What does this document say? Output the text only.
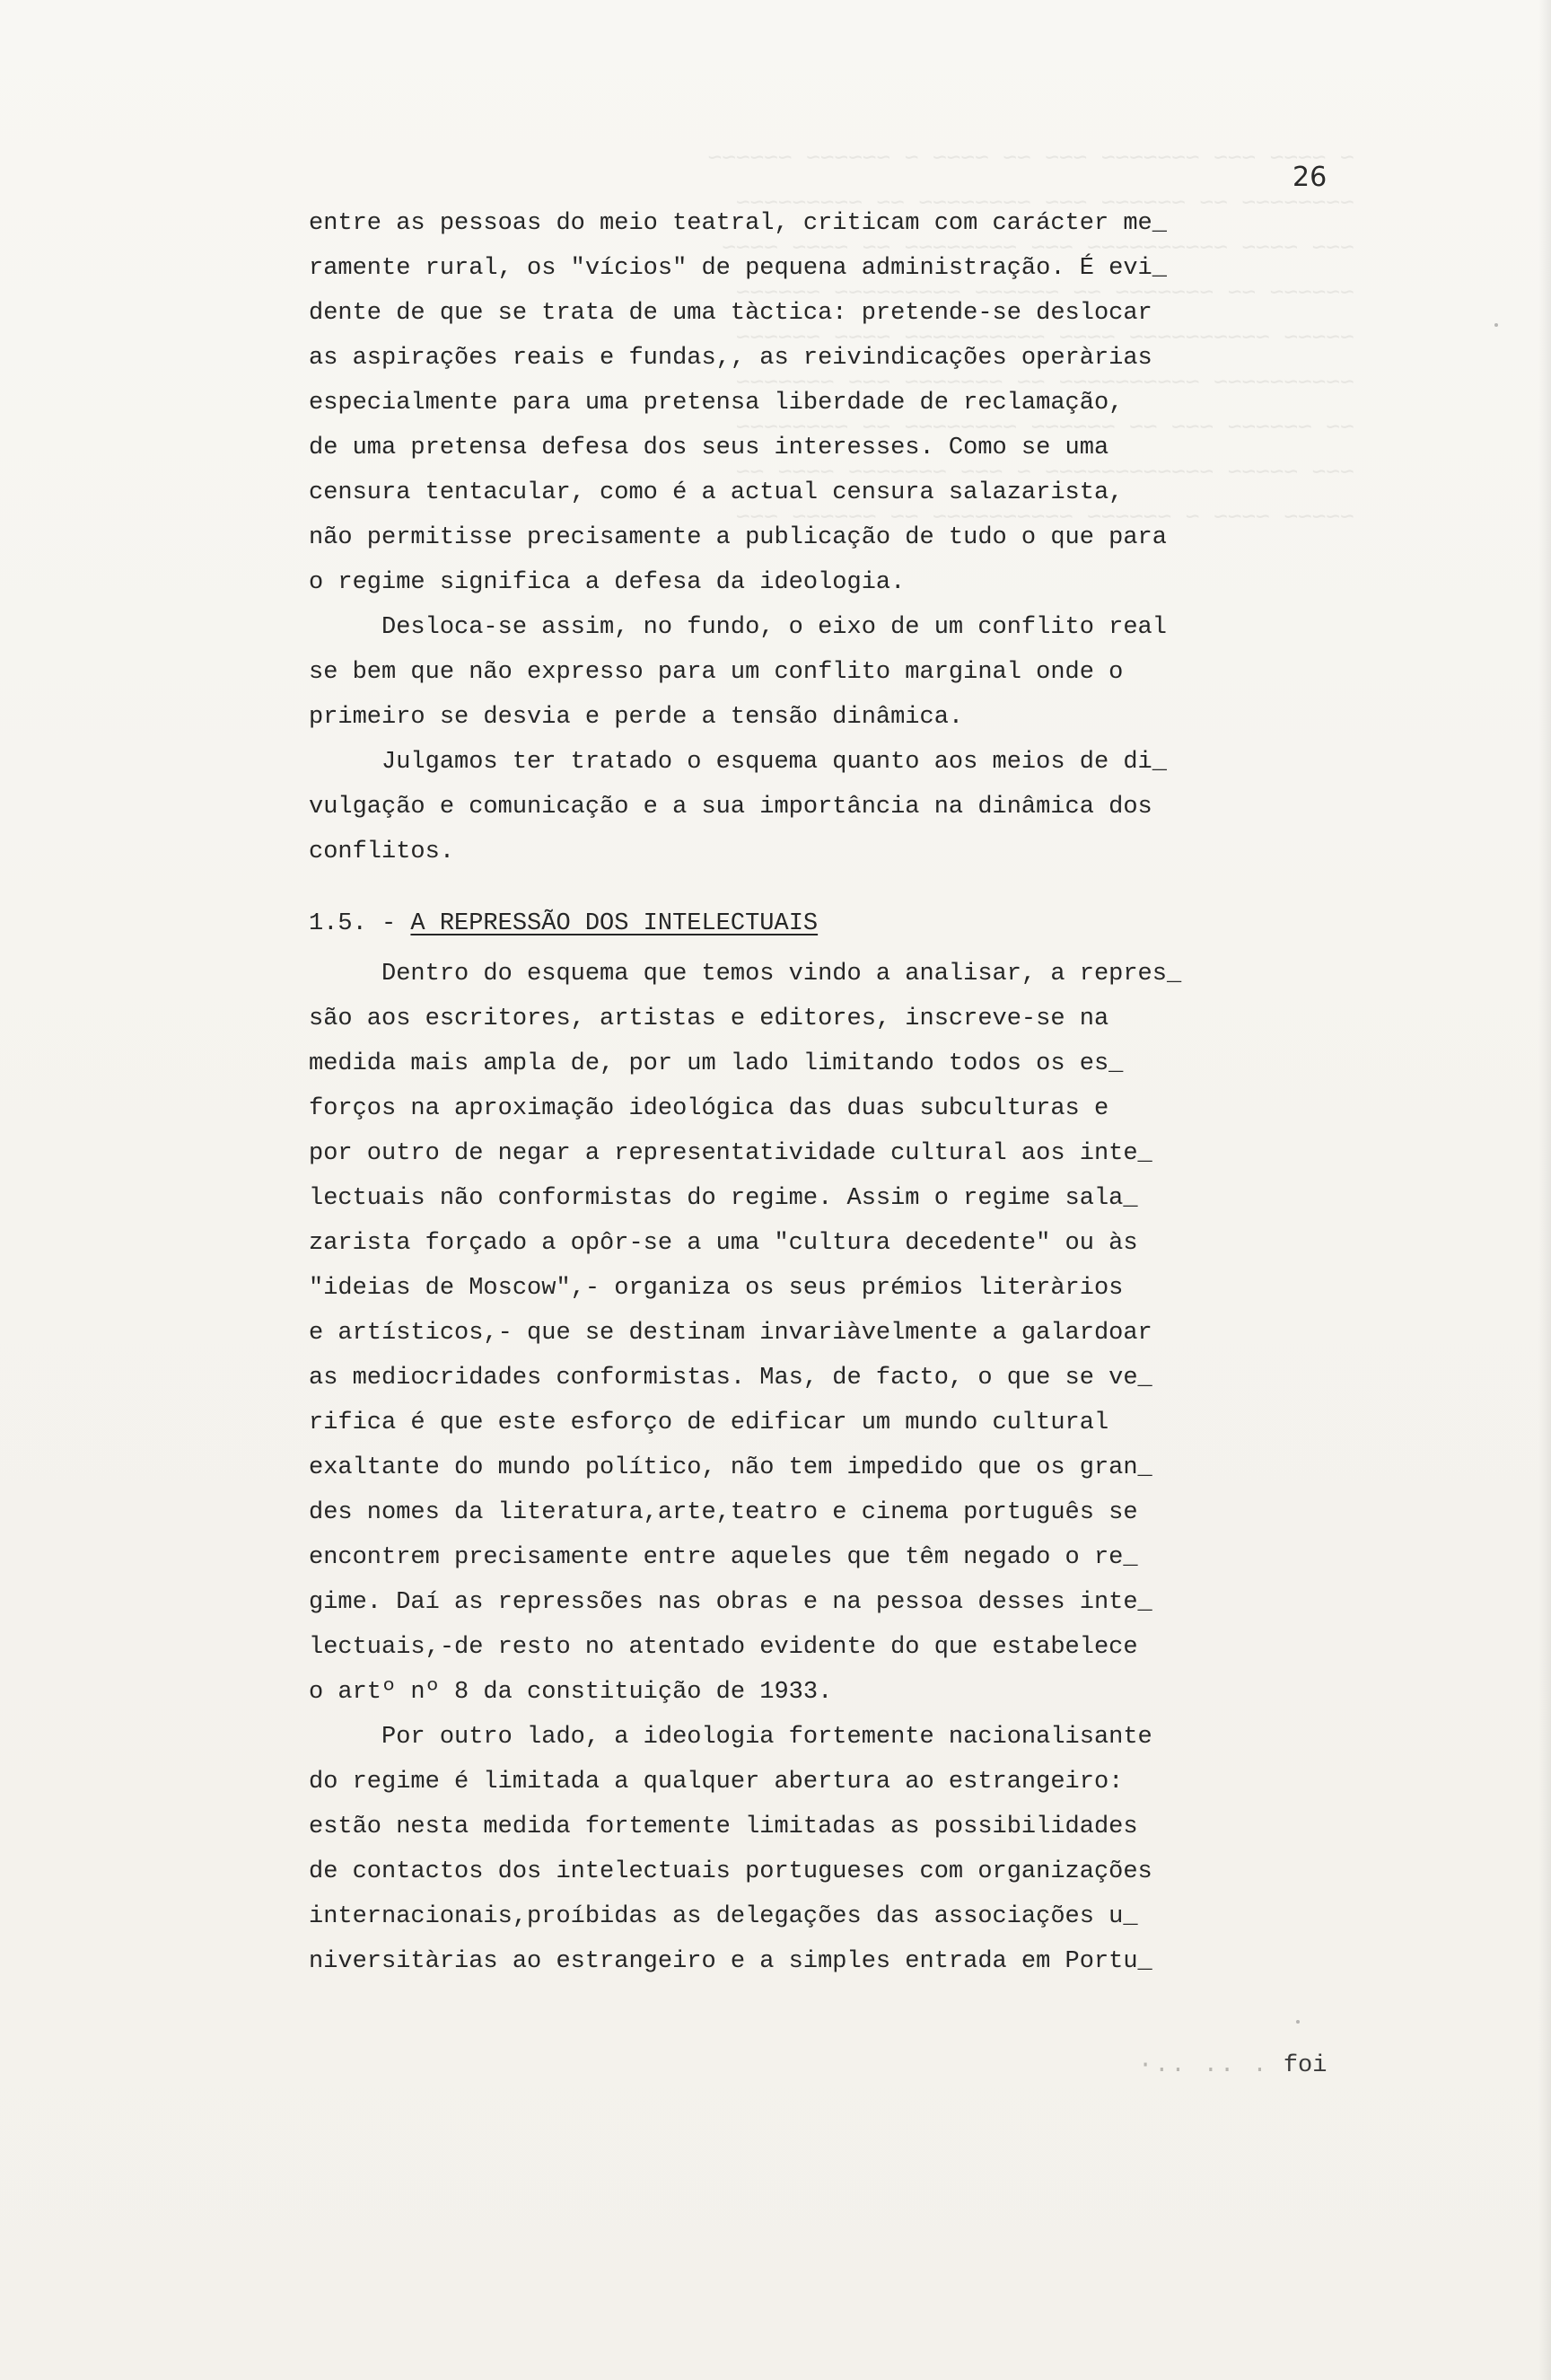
~ ~~~~ ~~~ ~~~~~~~ ~~~ ~~ ~~~~ ~ ~~~~~~ ~~~~~~
~~~~~~~~ ~~ ~~~~~~ ~~~ ~~~~~~~~ ~~ ~~~~~~~~~
~~~ ~~~~ ~~~~~~~~~~ ~~~ ~~~~~~~~ ~~ ~~~~ ~~~~
~~~~~~ ~~ ~~~~~~~ ~~ ~~~~~~ ~~~~~~~~~ ~~~~~~
~~~~~ ~~~~~~~~~~ ~~~~ ~~~~~~~~~~ ~~~~ ~~~~~~
~~~~~~~~~~ ~~~~~~~~~~ ~~ ~~~~~~~ ~~~ ~~~~~~~
~~ ~~~~~~ ~~~ ~~ ~~~~~~ ~~~~~~~~ ~~ ~~~~~~~~
~~~ ~~~~~ ~~~~~~~~~~~~ ~ ~~~ ~~~~~~~ ~~~~ ~~
~~~~~ ~~~~ ~ ~~~~~~ ~~~~~~~~~~ ~~ ~~~~~~ ~~~
26
entre as pessoas do meio teatral, criticam com carácter me_
ramente rural, os "vícios" de pequena administração. É evi_
dente de que se trata de uma tàctica: pretende-se deslocar
as aspirações reais e fundas,, as reivindicações operàrias
especialmente para uma pretensa liberdade de reclamação,
de uma pretensa defesa dos seus interesses. Como se uma
censura tentacular, como é a actual censura salazarista,
não permitisse precisamente a publicação de tudo o que para
o regime significa a defesa da ideologia.
Desloca-se assim, no fundo, o eixo de um conflito real
se bem que não expresso para um conflito marginal onde o
primeiro se desvia e perde a tensão dinâmica.
Julgamos ter tratado o esquema quanto aos meios de di_
vulgação e comunicação e a sua importância na dinâmica dos
conflitos.
1.5. - A REPRESSÃO DOS INTELECTUAIS
Dentro do esquema que temos vindo a analisar, a repres_
são aos escritores, artistas e editores, inscreve-se na
medida mais ampla de, por um lado limitando todos os es_
forços na aproximação ideológica das duas subculturas e
por outro de negar a representatividade cultural aos inte_
lectuais não conformistas do regime. Assim o regime sala_
zarista forçado a opôr-se a uma "cultura decedente" ou às
"ideias de Moscow",- organiza os seus prémios literàrios
e artísticos,- que se destinam invariàvelmente a galardoar
as mediocridades conformistas. Mas, de facto, o que se ve_
rifica é que este esforço de edificar um mundo cultural
exaltante do mundo político, não tem impedido que os gran_
des nomes da literatura,arte,teatro e cinema português se
encontrem precisamente entre aqueles que têm negado o re_
gime. Daí as repressões nas obras e na pessoa desses inte_
lectuais,-de resto no atentado evidente do que estabelece
o artº nº 8 da constituição de 1933.
Por outro lado, a ideologia fortemente nacionalisante
do regime é limitada a qualquer abertura ao estrangeiro:
estão nesta medida fortemente limitadas as possibilidades
de contactos dos intelectuais portugueses com organizações
internacionais,proíbidas as delegações das associações u_
niversitàrias ao estrangeiro e a simples entrada em Portu_
·.. .. . foi
